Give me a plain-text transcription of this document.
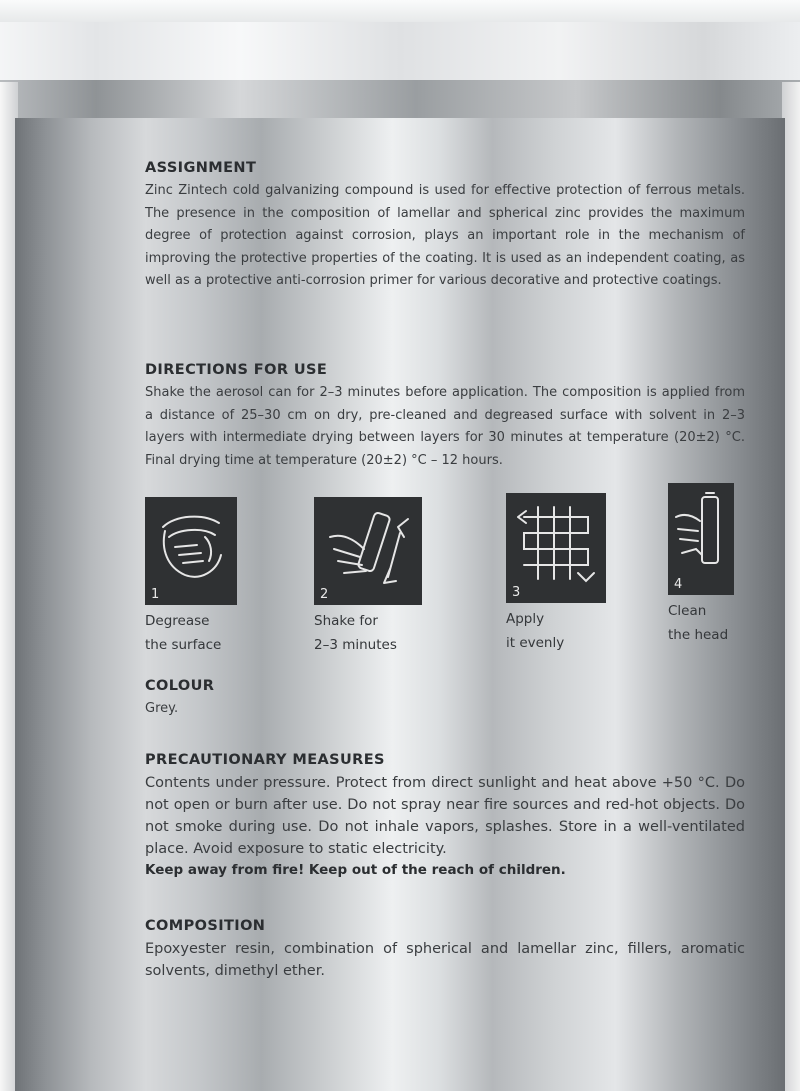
ASSIGNMENT
Zinc Zintech cold galvanizing compound is used for effective protection of ferrous metals. The presence in the composition of lamellar and spherical zinc provides the maximum degree of protection against corrosion, plays an important role in the mechanism of improving the protective properties of the coating. It is used as an independent coating, as well as a protective anti-corrosion primer for various decorative and protective coatings.
DIRECTIONS FOR USE
Shake the aerosol can for 2–3 minutes before application. The composition is applied from a distance of 25–30 cm on dry, pre-cleaned and degreased surface with solvent in 2–3 layers with intermediate drying between layers for 30 minutes at temperature (20±2) °C. Final drying time at temperature (20±2) °C – 12 hours.
1
Degrease
the surface
2
Shake for
2–3 minutes
3
Apply
it evenly
4
Clean
the head
COLOUR
Grey.
PRECAUTIONARY MEASURES
Contents under pressure. Protect from direct sunlight and heat above +50 °C. Do not open or burn after use. Do not spray near fire sources and red-hot objects. Do not smoke during use. Do not inhale vapors, splashes. Store in a well-ventilated place. Avoid exposure to static electricity.
Keep away from fire! Keep out of the reach of children.
COMPOSITION
Epoxyester resin, combination of spherical and lamellar zinc, fillers, aromatic solvents, dimethyl ether.
